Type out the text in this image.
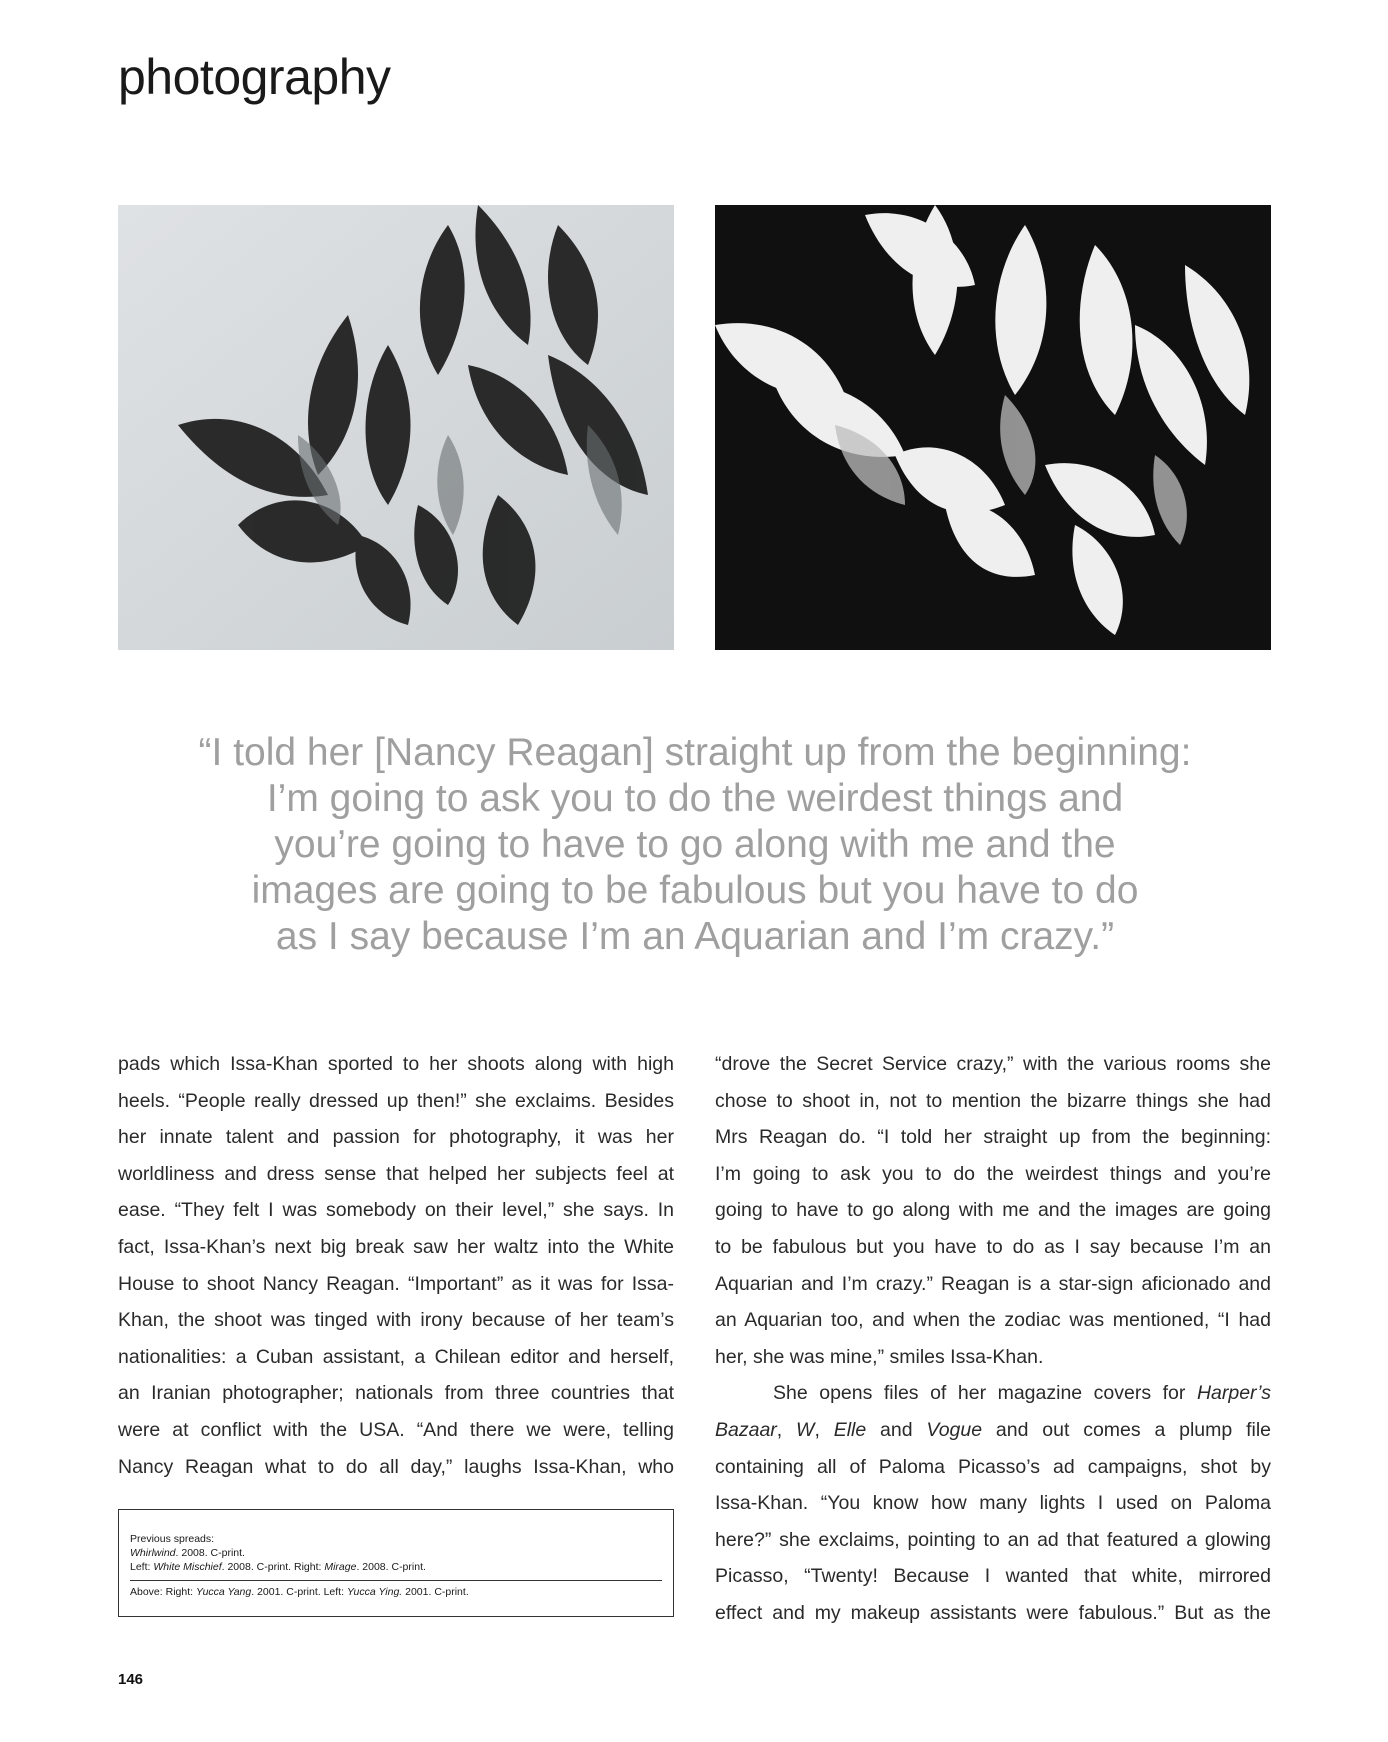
photography
“I told her [Nancy Reagan] straight up from the beginning:
I’m going to ask you to do the weirdest things and
you’re going to have to go along with me and the
images are going to be fabulous but you have to do
as I say because I’m an Aquarian and I’m crazy.”
pads which Issa-Khan sported to her shoots along with high
heels. “People really dressed up then!” she exclaims. Besides
her innate talent and passion for photography, it was her
worldliness and dress sense that helped her subjects feel at
ease. “They felt I was somebody on their level,” she says. In
fact, Issa-Khan’s next big break saw her waltz into the White
House to shoot Nancy Reagan. “Important” as it was for Issa-
Khan, the shoot was tinged with irony because of her team’s
nationalities: a Cuban assistant, a Chilean editor and herself,
an Iranian photographer; nationals from three countries that
were at conflict with the USA. “And there we were, telling
Nancy Reagan what to do all day,” laughs Issa-Khan, who
“drove the Secret Service crazy,” with the various rooms she
chose to shoot in, not to mention the bizarre things she had
Mrs Reagan do. “I told her straight up from the beginning:
I’m going to ask you to do the weirdest things and you’re
going to have to go along with me and the images are going
to be fabulous but you have to do as I say because I’m an
Aquarian and I’m crazy.” Reagan is a star-sign aficionado and
an Aquarian too, and when the zodiac was mentioned, “I had
her, she was mine,” smiles Issa-Khan.
She opens files of her magazine covers for Harper’s
Bazaar, W, Elle and Vogue and out comes a plump file
containing all of Paloma Picasso’s ad campaigns, shot by
Issa-Khan. “You know how many lights I used on Paloma
here?” she exclaims, pointing to an ad that featured a glowing
Picasso, “Twenty! Because I wanted that white, mirrored
effect and my makeup assistants were fabulous.” But as the
Previous spreads:
Whirlwind. 2008. C-print.
Left: White Mischief. 2008. C-print. Right: Mirage. 2008. C-print.
Above: Right: Yucca Yang. 2001. C-print. Left: Yucca Ying. 2001. C-print.
146
